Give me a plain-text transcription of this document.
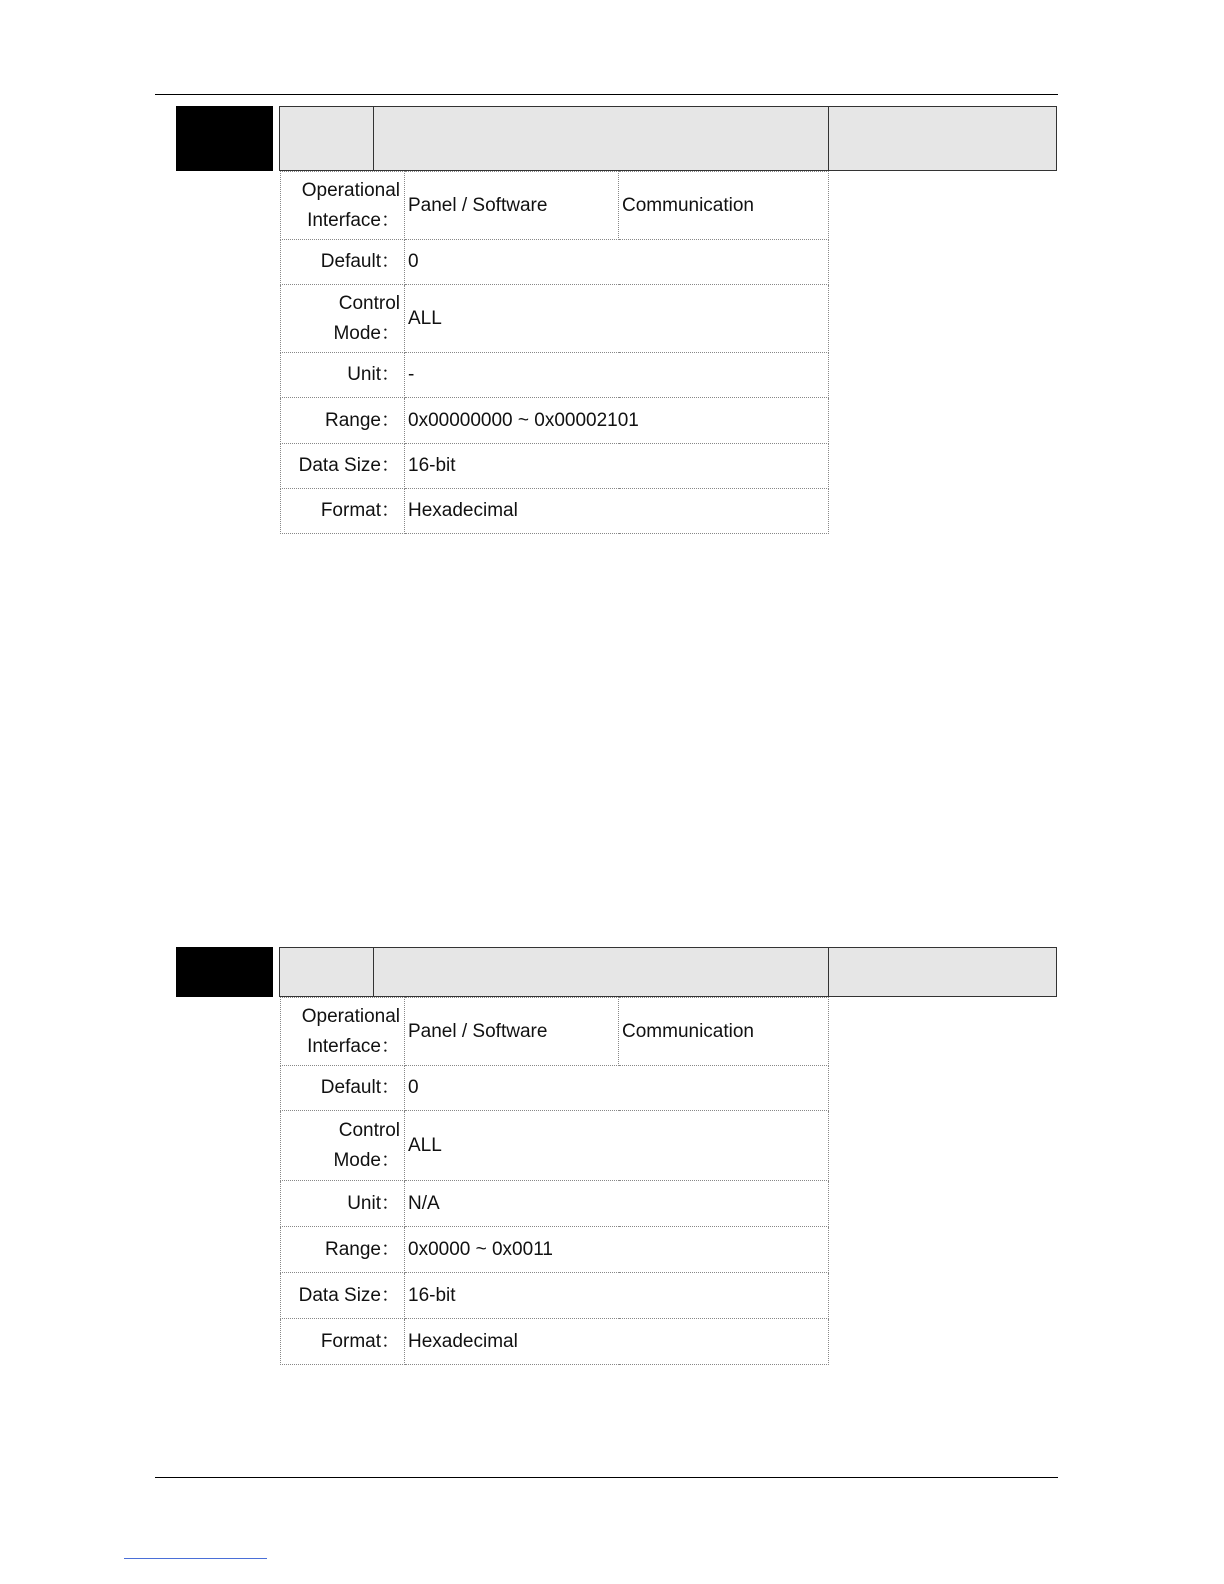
Operational Interface：	Panel / Software	Communication
Default：	0	
Control Mode：	ALL	
Unit：	-	
Range：	0x00000000 ~ 0x00002101	
Data Size：	16-bit	
Format：	Hexadecimal	
Operational Interface：	Panel / Software	Communication
Default：	0	
Control Mode：	ALL	
Unit：	N/A	
Range：	0x0000 ~ 0x0011	
Data Size：	16-bit	
Format：	Hexadecimal	
